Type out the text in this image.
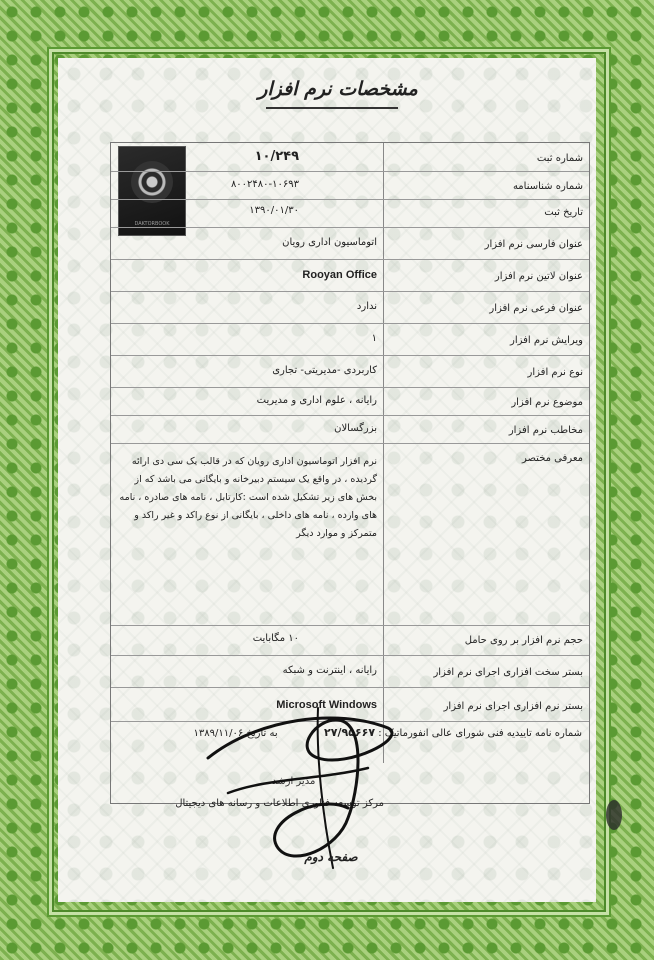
مشخصات نرم افزار
DAKTORBOOK
شماره ثبت
۱۰/۲۴۹
شماره شناسنامه
۸۰۰۲۴۸۰-۱۰۶۹۳
تاریخ ثبت
۱۳۹۰/۰۱/۳۰
عنوان فارسی نرم افزار
اتوماسیون اداری رویان
عنوان لاتین نرم افزار
Rooyan Office
عنوان فرعی نرم افزار
ندارد
ویرایش نرم افزار
۱
نوع نرم افزار
کاربردی -مدیریتی- تجاری
موضوع نرم افزار
رایانه ، علوم اداری و مدیریت
مخاطب نرم افزار
بزرگسالان
معرفی مختصر
نرم افزار اتوماسیون اداری رویان که در قالب یک سی دی ارائه گردیده ، در واقع یک سیستم دبیرخانه و بایگانی می باشد که از بخش های زیر تشکیل شده است :کارتابل ، نامه های صادره ، نامه های وارده ، نامه های داخلی ، بایگانی از نوع راکد و غیر راکد و متمرکز و موارد دیگر
حجم نرم افزار بر روی حامل
۱۰ مگابایت
بستر سخت افزاری اجرای نرم افزار
رایانه ، اینترنت و شبکه
بستر نرم افزاری اجرای نرم افزار
Microsoft Windows
شماره نامه تاییدیه فنی شورای عالی انفورماتیک : ۲۷/۹۵۶۶۷  به تاریخ ۱۳۸۹/۱۱/۰۶
مدیر ارشد
مرکز توسعه فناوری اطلاعات و رسانه های دیجیتال
صفحه دوم
